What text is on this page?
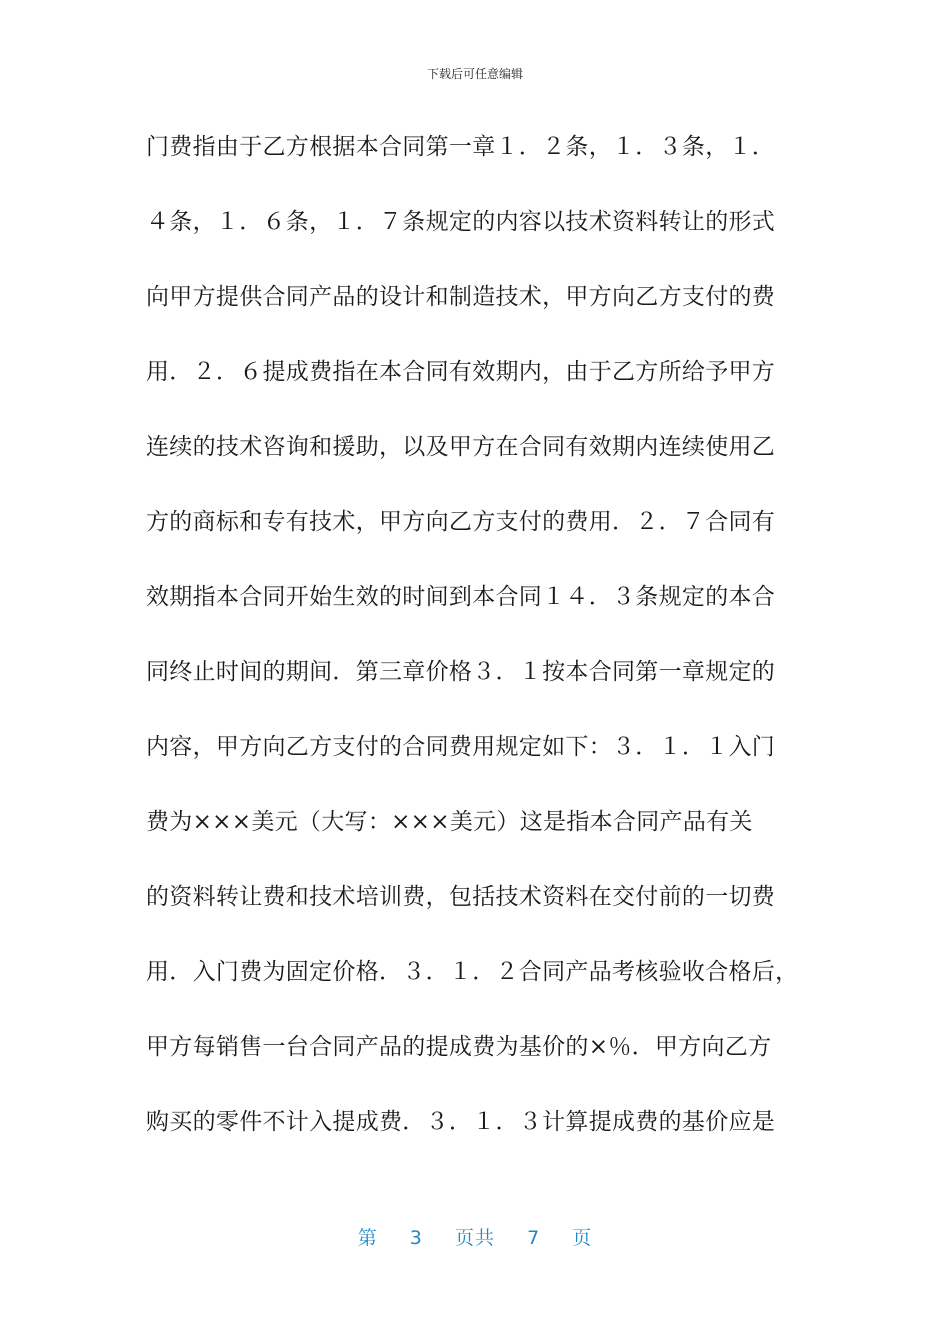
下载后可任意编辑
门费指由于乙方根据本合同第一章１．２条，１．３条，１．
４条，１．６条，１．７条规定的内容以技术资料转让的形式
向甲方提供合同产品的设计和制造技术，甲方向乙方支付的费
用．２．６提成费指在本合同有效期内，由于乙方所给予甲方
连续的技术咨询和援助，以及甲方在合同有效期内连续使用乙
方的商标和专有技术，甲方向乙方支付的费用．２．７合同有
效期指本合同开始生效的时间到本合同１４．３条规定的本合
同终止时间的期间．第三章价格３．１按本合同第一章规定的
内容，甲方向乙方支付的合同费用规定如下：３．１．１入门
费为×××美元（大写：×××美元）这是指本合同产品有关
的资料转让费和技术培训费，包括技术资料在交付前的一切费
用．入门费为固定价格．３．１．２合同产品考核验收合格后，
甲方每销售一台合同产品的提成费为基价的×％．甲方向乙方
购买的零件不计入提成费．３．１．３计算提成费的基价应是
第 3 页共 7 页
